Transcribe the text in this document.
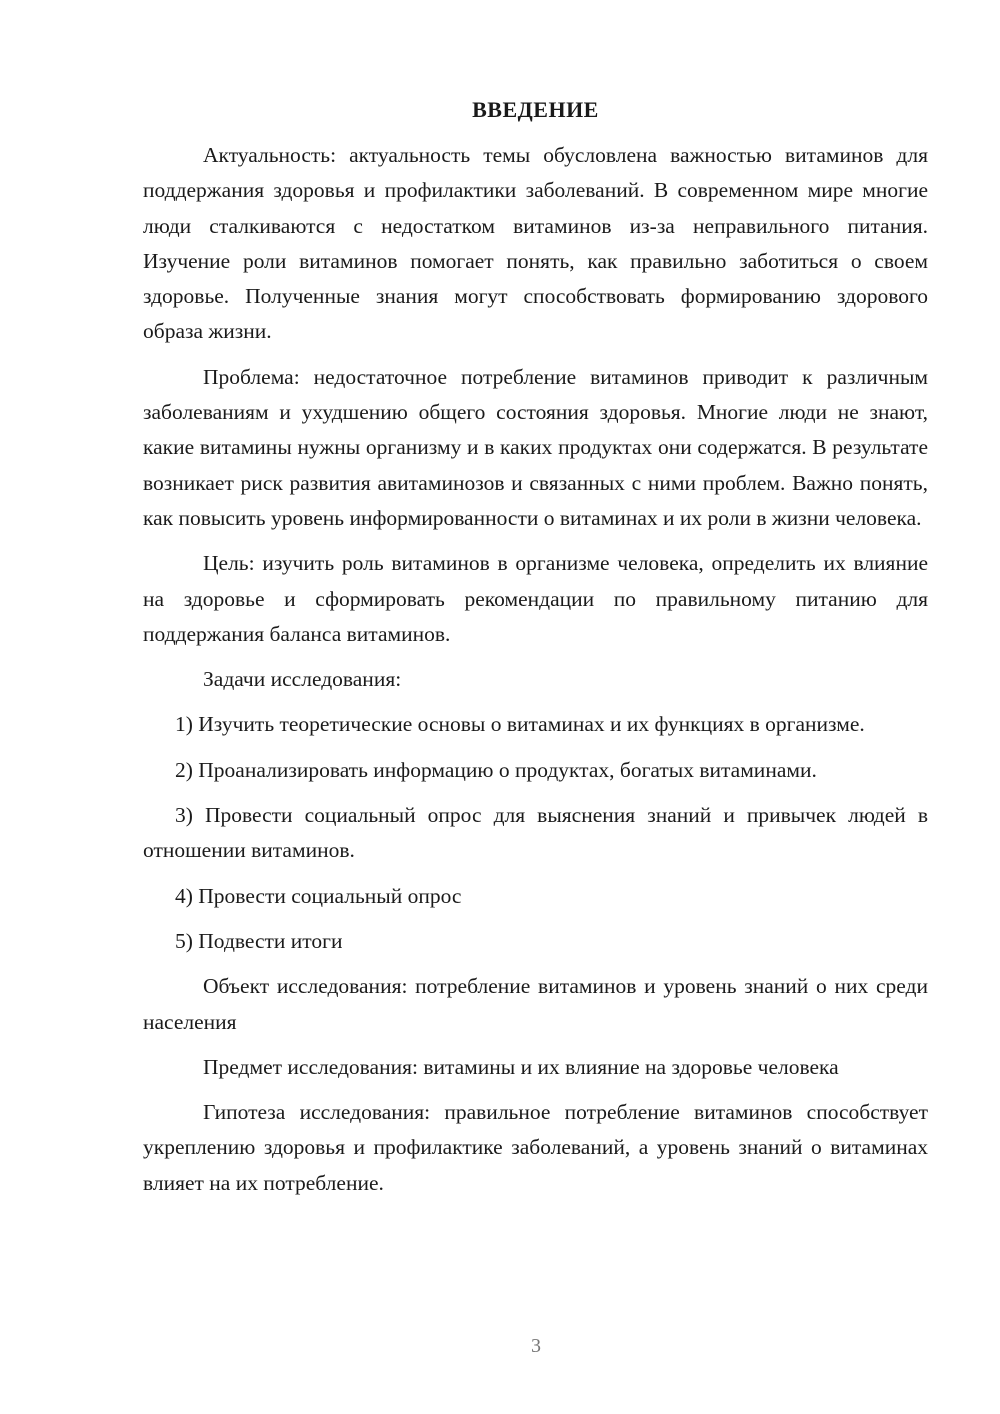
ВВЕДЕНИЕ

Актуальность: актуальность темы обусловлена важностью витаминов для поддержания здоровья и профилактики заболеваний. В современном мире многие люди сталкиваются с недостатком витаминов из-за неправильного питания. Изучение роли витаминов помогает понять, как правильно заботиться о своем здоровье. Полученные знания могут способствовать формированию здорового образа жизни.

Проблема: недостаточное потребление витаминов приводит к различным заболеваниям и ухудшению общего состояния здоровья. Многие люди не знают, какие витамины нужны организму и в каких продуктах они содержатся. В результате возникает риск развития авитаминозов и связанных с ними проблем. Важно понять, как повысить уровень информированности о витаминах и их роли в жизни человека.

Цель: изучить роль витаминов в организме человека, определить их влияние на здоровье и сформировать рекомендации по правильному питанию для поддержания баланса витаминов.

Задачи исследования:

1) Изучить теоретические основы о витаминах и их функциях в организме.

2) Проанализировать информацию о продуктах, богатых витаминами.

3) Провести социальный опрос для выяснения знаний и привычек людей в отношении витаминов.

4) Провести социальный опрос

5) Подвести итоги

Объект исследования: потребление витаминов и уровень знаний о них среди населения

Предмет исследования: витамины и их влияние на здоровье человека

Гипотеза исследования: правильное потребление витаминов способствует укреплению здоровья и профилактике заболеваний, а уровень знаний о витаминах влияет на их потребление.

3
